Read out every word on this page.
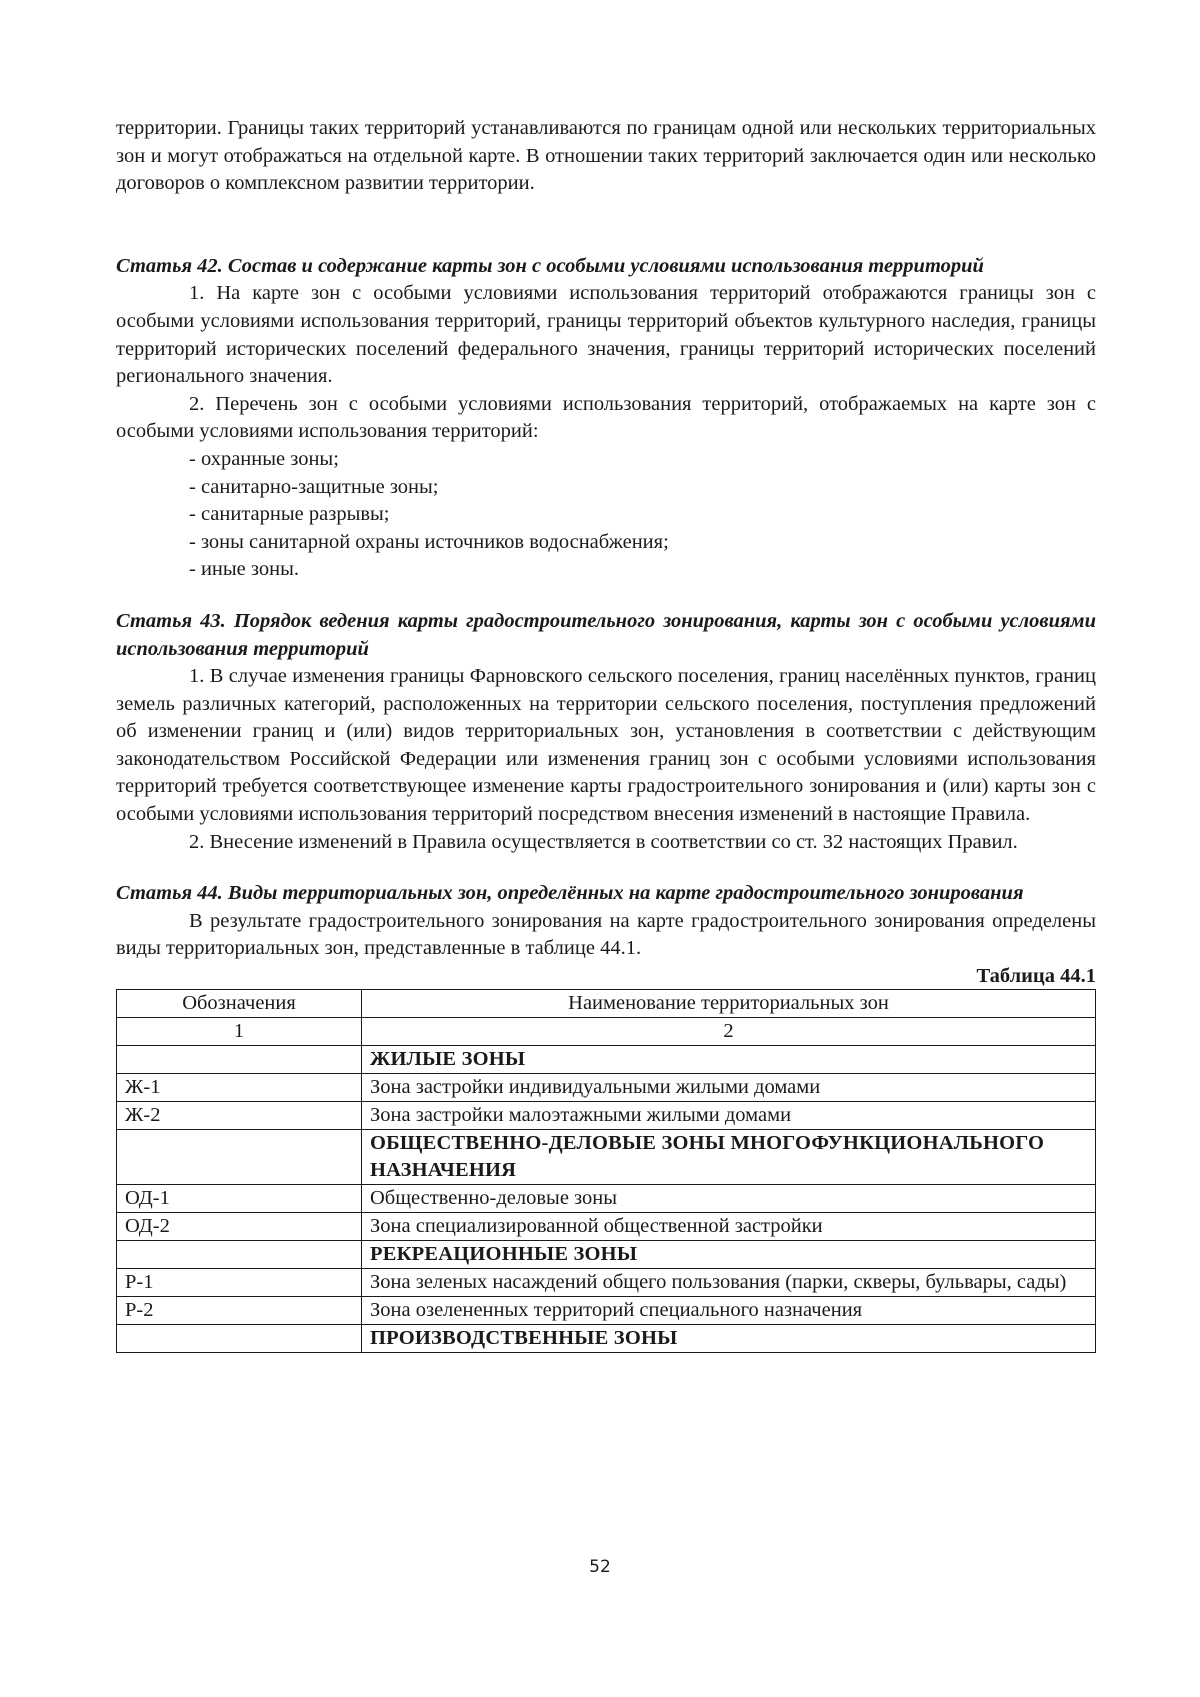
территории. Границы таких территорий устанавливаются по границам одной или нескольких территориальных зон и могут отображаться на отдельной карте. В отношении таких территорий заключается один или несколько договоров о комплексном развитии территории.

Статья 42. Состав и содержание карты зон с особыми условиями использования территорий

1. На карте зон с особыми условиями использования территорий отображаются границы зон с особыми условиями использования территорий, границы территорий объектов культурного наследия, границы территорий исторических поселений федерального значения, границы территорий исторических поселений регионального значения.

2. Перечень зон с особыми условиями использования территорий, отображаемых на карте зон с особыми условиями использования территорий:

- охранные зоны;

- санитарно-защитные зоны;

- санитарные разрывы;

- зоны санитарной охраны источников водоснабжения;

- иные зоны.

Статья 43. Порядок ведения карты градостроительного зонирования, карты зон с особыми условиями использования территорий

1. В случае изменения границы Фарновского сельского поселения, границ населённых пунктов, границ земель различных категорий, расположенных на территории сельского поселения, поступления предложений об изменении границ и (или) видов территориальных зон, установления в соответствии с действующим законодательством Российской Федерации или изменения границ зон с особыми условиями использования территорий требуется соответствующее изменение карты градостроительного зонирования и (или) карты зон с особыми условиями использования территорий посредством внесения изменений в настоящие Правила.

2. Внесение изменений в Правила осуществляется в соответствии со ст. 32 настоящих Правил.

Статья 44. Виды территориальных зон, определённых на карте градостроительного зонирования

В результате градостроительного зонирования на карте градостроительного зонирования определены виды территориальных зон, представленные в таблице 44.1.

Таблица 44.1

Обозначения	Наименование территориальных зон
1	2
	ЖИЛЫЕ ЗОНЫ
Ж-1	Зона застройки индивидуальными жилыми домами
Ж-2	Зона застройки малоэтажными жилыми домами
	ОБЩЕСТВЕННО-ДЕЛОВЫЕ ЗОНЫ МНОГОФУНКЦИОНАЛЬНОГО НАЗНАЧЕНИЯ
ОД-1	Общественно-деловые зоны
ОД-2	Зона специализированной общественной застройки
	РЕКРЕАЦИОННЫЕ ЗОНЫ
Р-1	Зона зеленых насаждений общего пользования (парки, скверы, бульвары, сады)
Р-2	Зона озелененных территорий специального назначения
	ПРОИЗВОДСТВЕННЫЕ ЗОНЫ
52
